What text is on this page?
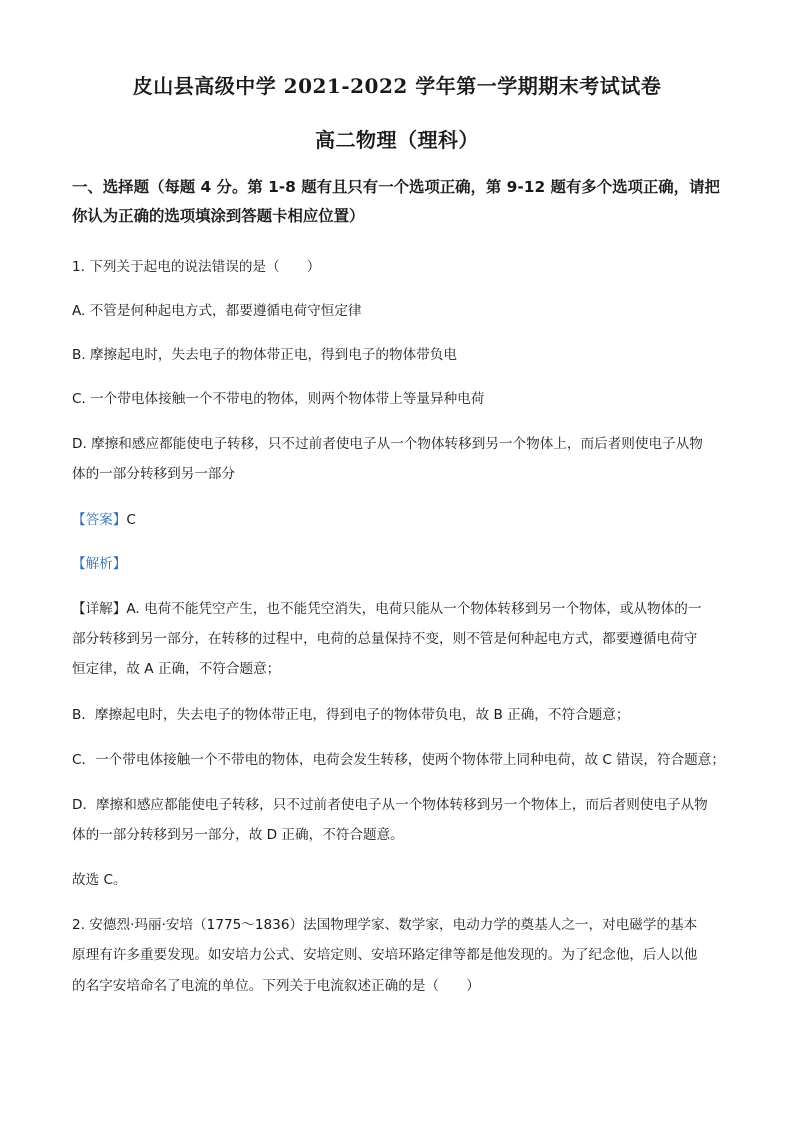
皮山县高级中学 2021-2022 学年第一学期期末考试试卷
高二物理（理科）
一、选择题（每题 4 分。第 1-8 题有且只有一个选项正确，第 9-12 题有多个选项正确，请把你认为正确的选项填涂到答题卡相应位置）
1. 下列关于起电的说法错误的是（　　）
A. 不管是何种起电方式，都要遵循电荷守恒定律
B. 摩擦起电时，失去电子的物体带正电，得到电子的物体带负电
C. 一个带电体接触一个不带电的物体，则两个物体带上等量异种电荷
D. 摩擦和感应都能使电子转移，只不过前者使电子从一个物体转移到另一个物体上，而后者则使电子从物
体的一部分转移到另一部分
【答案】C
【解析】
【详解】A. 电荷不能凭空产生，也不能凭空消失，电荷只能从一个物体转移到另一个物体，或从物体的一
部分转移到另一部分，在转移的过程中，电荷的总量保持不变，则不管是何种起电方式，都要遵循电荷守
恒定律，故 A 正确，不符合题意；
B．摩擦起电时，失去电子的物体带正电，得到电子的物体带负电，故 B 正确，不符合题意；
C．一个带电体接触一个不带电的物体，电荷会发生转移，使两个物体带上同种电荷，故 C 错误，符合题意；
D．摩擦和感应都能使电子转移，只不过前者使电子从一个物体转移到另一个物体上，而后者则使电子从物
体的一部分转移到另一部分，故 D 正确，不符合题意。
故选 C。
2. 安德烈·玛丽·安培（1775～1836）法国物理学家、数学家，电动力学的奠基人之一，对电磁学的基本
原理有许多重要发现。如安培力公式、安培定则、安培环路定律等都是他发现的。为了纪念他，后人以他
的名字安培命名了电流的单位。下列关于电流叙述正确的是（　　）
